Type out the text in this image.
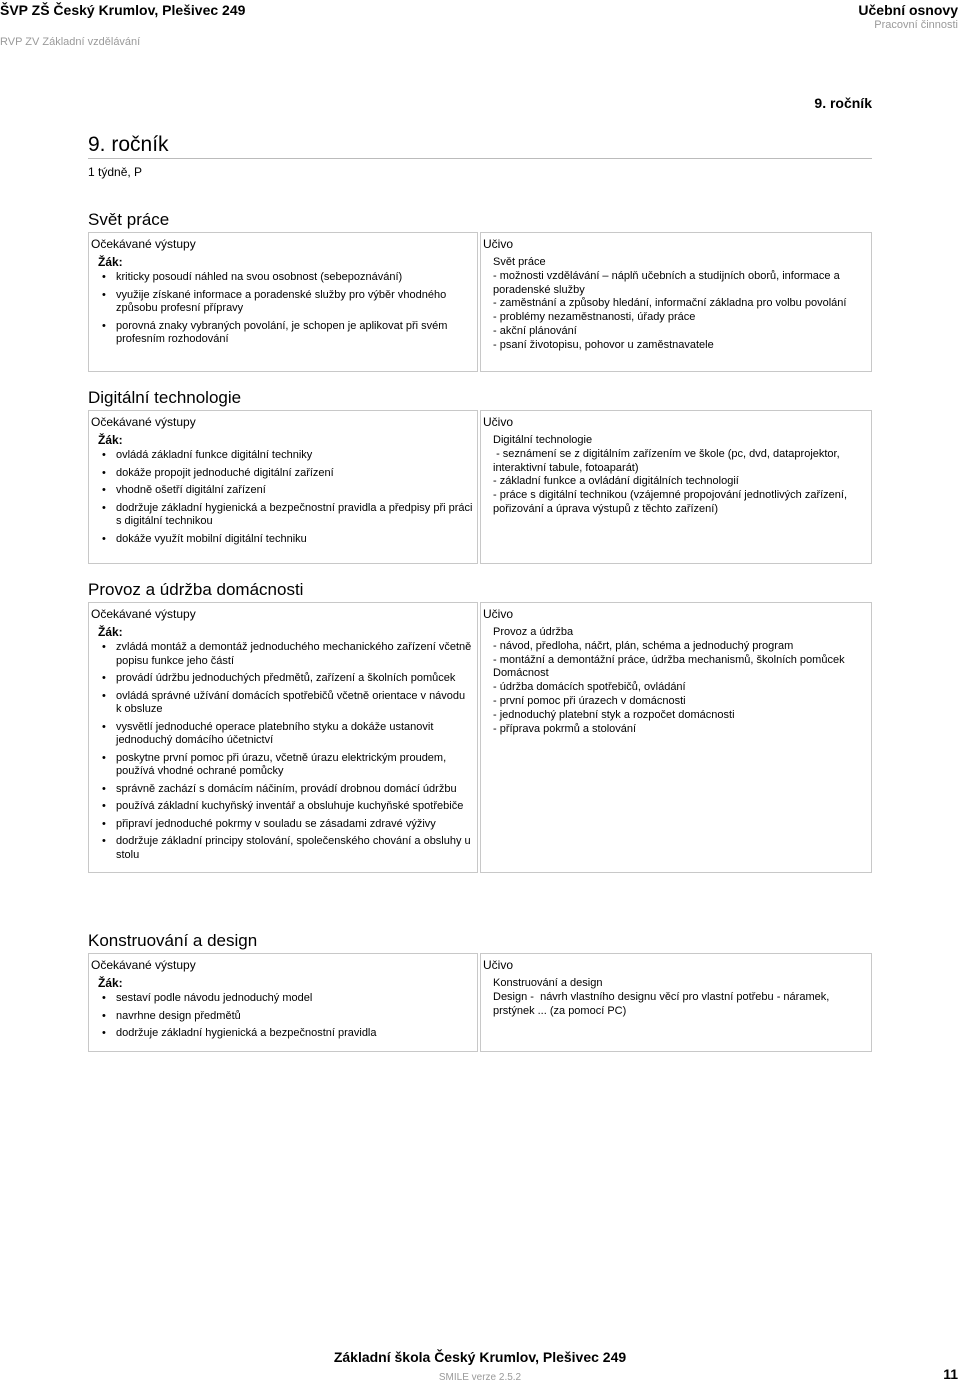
ŠVP ZŠ Český Krumlov, Plešivec 249
RVP ZV Základní vzdělávání
Učební osnovy
Pracovní činnosti
9. ročník
9. ročník
1 týdně, P
Svět práce
Očekávané výstupy
Žák:
• kriticky posoudí náhled na svou osobnost (sebepoznávání)
• využije získané informace a poradenské služby pro výběr vhodného způsobu profesní přípravy
• porovná znaky vybraných povolání, je schopen je aplikovat při svém profesním rozhodování
Učivo
Svět práce
- možnosti vzdělávání – náplň učebních a studijních oborů, informace a poradenské služby
- zaměstnání a způsoby hledání, informační základna pro volbu povolání
- problémy nezaměstnanosti, úřady práce
- akční plánování
- psaní životopisu, pohovor u zaměstnavatele
Digitální technologie
Očekávané výstupy
Žák:
• ovládá základní funkce digitální techniky
• dokáže propojit jednoduché digitální zařízení
• vhodně ošetří digitální zařízení
• dodržuje základní hygienická a bezpečnostní pravidla a předpisy při práci s digitální technikou
• dokáže využít mobilní digitální techniku
Učivo
Digitální technologie
- seznámení se z digitálním zařízením ve škole (pc, dvd, dataprojektor, interaktivní tabule, fotoaparát)
- základní funkce a ovládání digitálních technologií
- práce s digitální technikou (vzájemné propojování jednotlivých zařízení, pořizování a úprava výstupů z těchto zařízení)
Provoz a údržba domácnosti
Očekávané výstupy
Žák:
• zvládá montáž a demontáž jednoduchého mechanického zařízení včetně popisu funkce jeho částí
• provádí údržbu jednoduchých předmětů, zařízení a školních pomůcek
• ovládá správné užívání domácích spotřebičů včetně orientace v návodu k obsluze
• vysvětlí jednoduché operace platebního styku a dokáže ustanovit jednoduchý domácího účetnictví
• poskytne první pomoc při úrazu, včetně úrazu elektrickým proudem, používá vhodné ochrané pomůcky
• správně zachází s domácím náčiním, provádí drobnou domácí údržbu
• používá základní kuchyňský inventář a obsluhuje kuchyňské spotřebiče
• připraví jednoduché pokrmy v souladu se zásadami zdravé výživy
• dodržuje základní principy stolování, společenského chování a obsluhy u stolu
Učivo
Provoz a údržba
- návod, předloha, náčrt, plán, schéma a jednoduchý program
- montážní a demontážní práce, údržba mechanismů, školních pomůcek
Domácnost
- údržba domácích spotřebičů, ovládání
- první pomoc při úrazech v domácnosti
- jednoduchý platební styk a rozpočet domácnosti
- příprava pokrmů a stolování
Konstruování a design
Očekávané výstupy
Žák:
• sestaví podle návodu jednoduchý model
• navrhne design předmětů
• dodržuje základní hygienická a bezpečnostní pravidla
Učivo
Konstruování a design
Design -  návrh vlastního designu věcí pro vlastní potřebu - náramek, prstýnek ... (za pomocí PC)
Základní škola Český Krumlov, Plešivec 249
SMILE verze 2.5.2	11
